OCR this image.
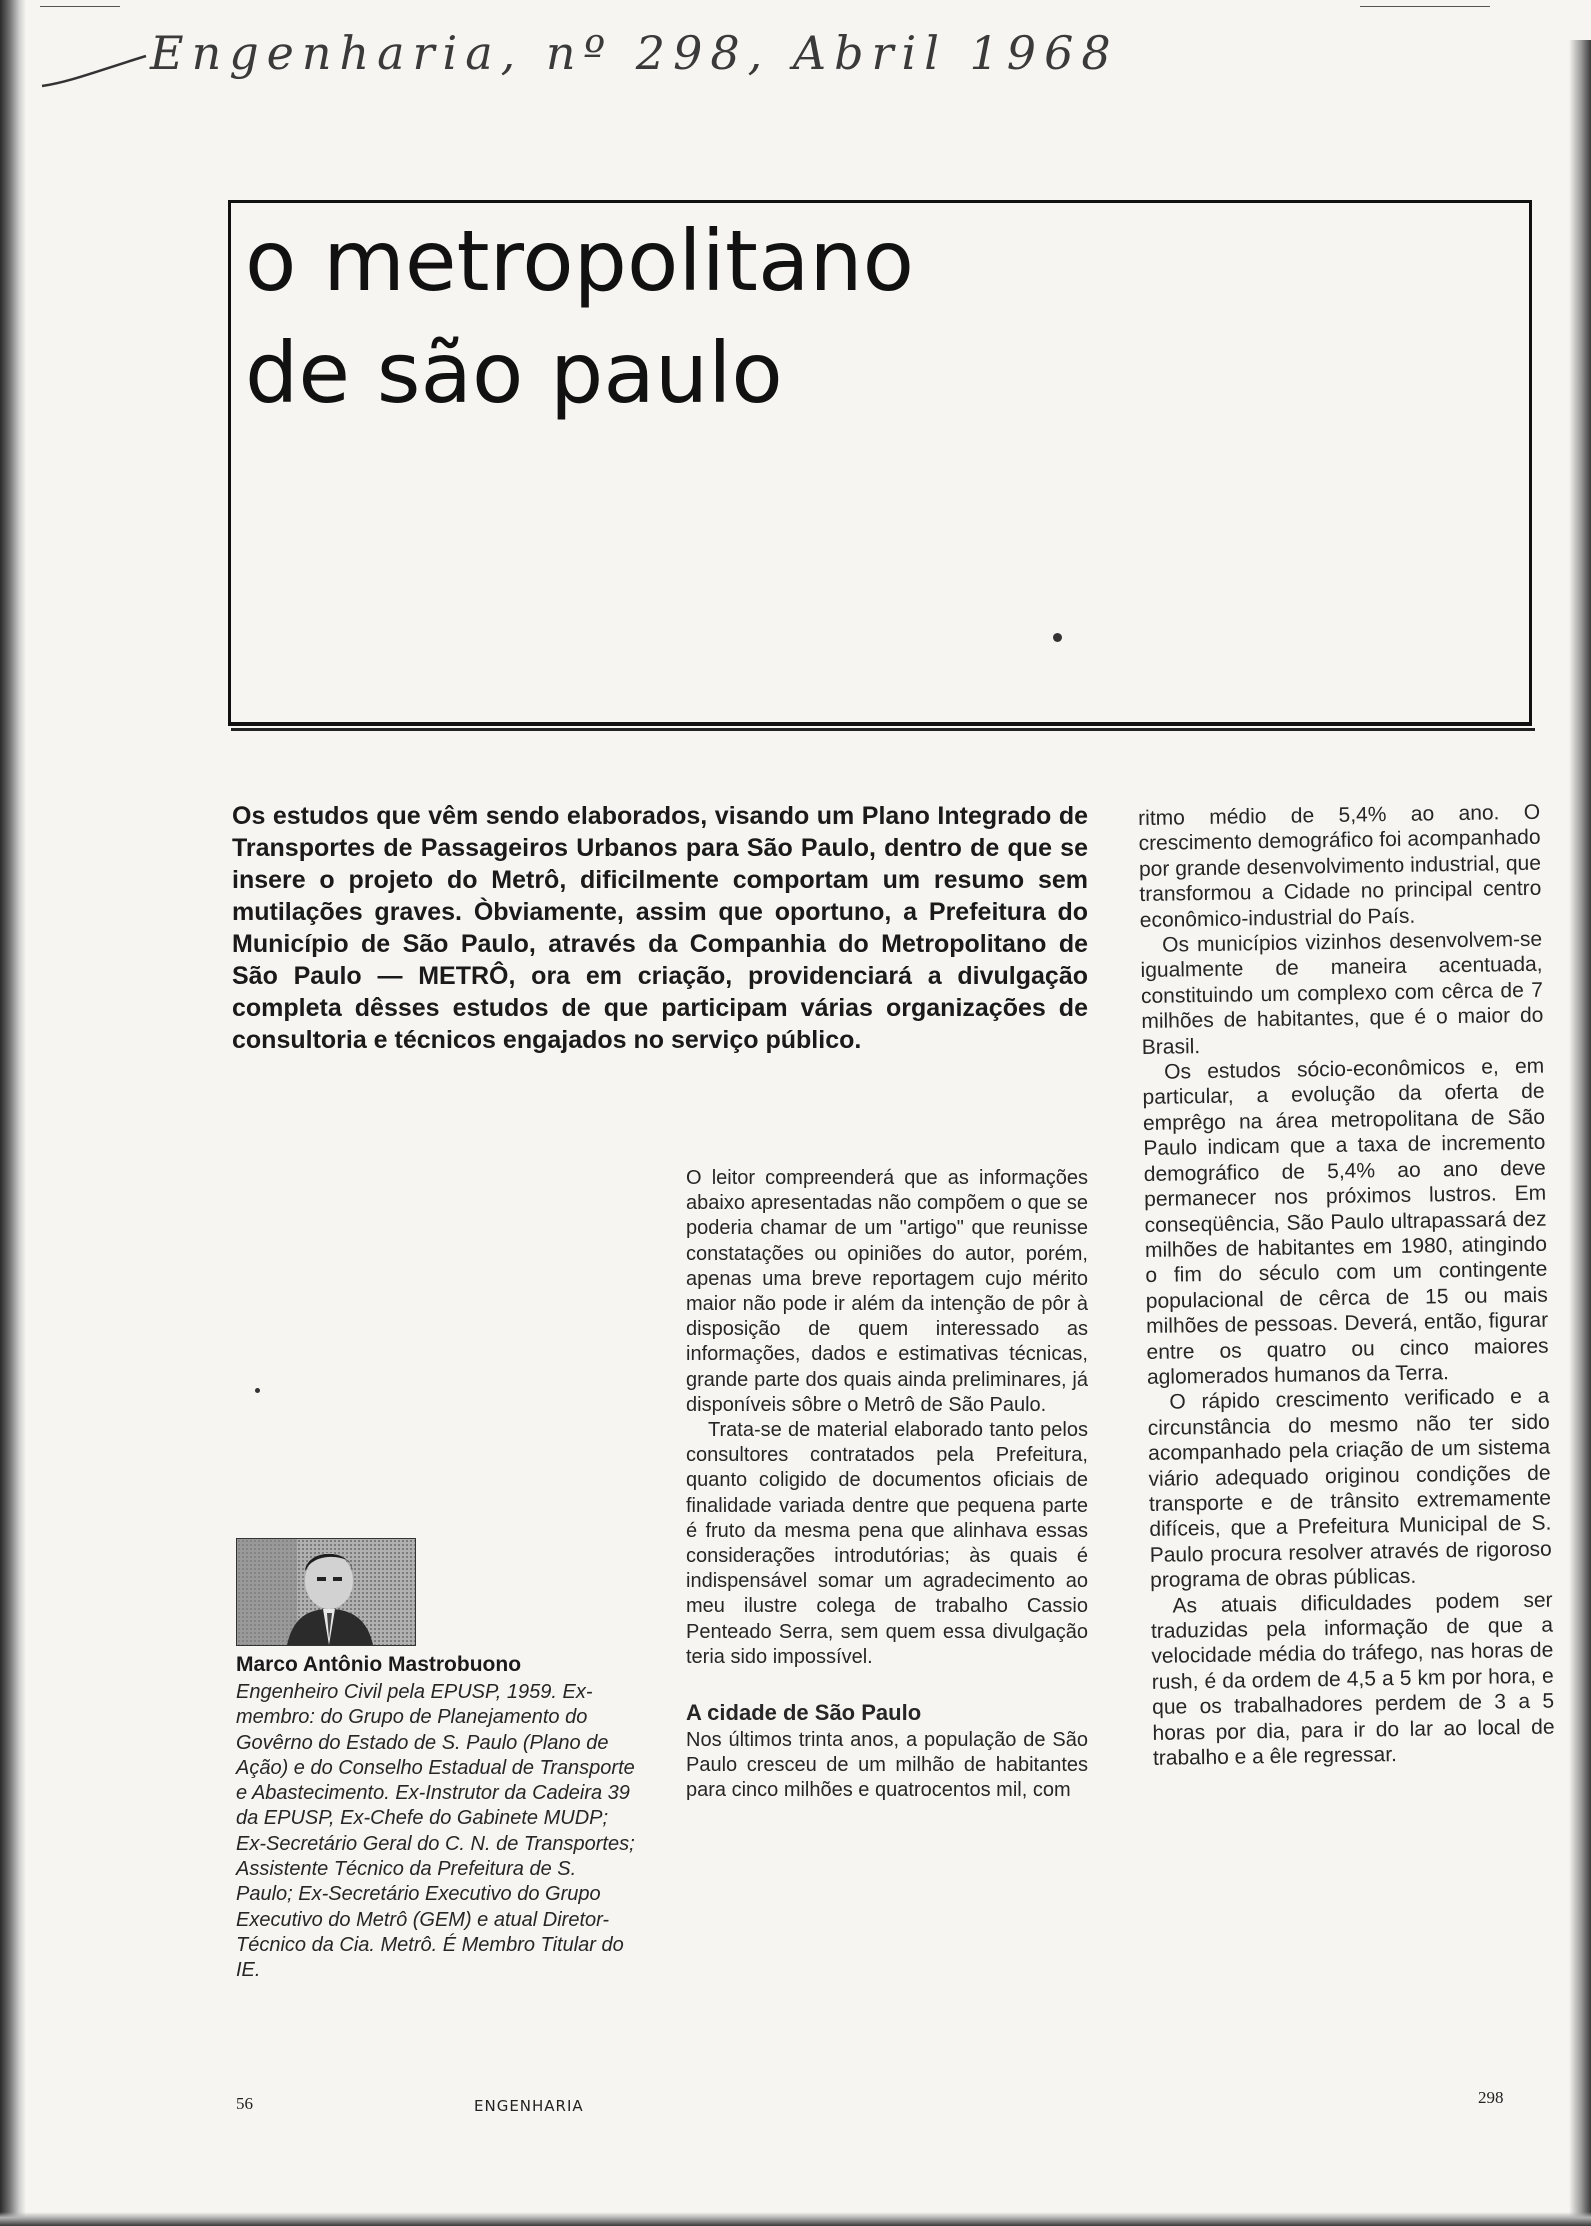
Engenharia, nº 298, Abril 1968

o metropolitano
de são paulo

Os estudos que vêm sendo elaborados, visando um Plano Integrado de Transportes de Passageiros Urbanos para São Paulo, dentro de que se insere o projeto do Metrô, dificilmente comportam um resumo sem mutilações graves. Òbviamente, assim que oportuno, a Prefeitura do Município de São Paulo, através da Companhia do Metropolitano de São Paulo — METRÔ, ora em criação, providenciará a divulgação completa dêsses estudos de que participam várias organizações de consultoria e técnicos engajados no serviço público.

Marco Antônio Mastrobuono

Engenheiro Civil pela EPUSP, 1959. Ex-membro: do Grupo de Planejamento do Govêrno do Estado de S. Paulo (Plano de Ação) e do Conselho Estadual de Transporte e Abastecimento. Ex-Instrutor da Cadeira 39 da EPUSP, Ex-Chefe do Gabinete MUDP; Ex-Secretário Geral do C. N. de Transportes; Assistente Técnico da Prefeitura de S. Paulo; Ex-Secretário Executivo do Grupo Executivo do Metrô (GEM) e atual Diretor-Técnico da Cia. Metrô. É Membro Titular do IE.

O leitor compreenderá que as informações abaixo apresentadas não compõem o que se poderia chamar de um "artigo" que reunisse constatações ou opiniões do autor, porém, apenas uma breve reportagem cujo mérito maior não pode ir além da intenção de pôr à disposição de quem interessado as informações, dados e estimativas técnicas, grande parte dos quais ainda preliminares, já disponíveis sôbre o Metrô de São Paulo.

Trata-se de material elaborado tanto pelos consultores contratados pela Prefeitura, quanto coligido de documentos oficiais de finalidade variada dentre que pequena parte é fruto da mesma pena que alinhava essas considerações introdutórias; às quais é indispensável somar um agradecimento ao meu ilustre colega de trabalho Cassio Penteado Serra, sem quem essa divulgação teria sido impossível.

A cidade de São Paulo

Nos últimos trinta anos, a população de São Paulo cresceu de um milhão de habitantes para cinco milhões e quatrocentos mil, com

ritmo médio de 5,4% ao ano. O crescimento demográfico foi acompanhado por grande desenvolvimento industrial, que transformou a Cidade no principal centro econômico-industrial do País.

Os municípios vizinhos desenvolvem-se igualmente de maneira acentuada, constituindo um complexo com cêrca de 7 milhões de habitantes, que é o maior do Brasil.

Os estudos sócio-econômicos e, em particular, a evolução da oferta de emprêgo na área metropolitana de São Paulo indicam que a taxa de incremento demográfico de 5,4% ao ano deve permanecer nos próximos lustros. Em conseqüência, São Paulo ultrapassará dez milhões de habitantes em 1980, atingindo o fim do século com um contingente populacional de cêrca de 15 ou mais milhões de pessoas. Deverá, então, figurar entre os quatro ou cinco maiores aglomerados humanos da Terra.

O rápido crescimento verificado e a circunstância do mesmo não ter sido acompanhado pela criação de um sistema viário adequado originou condições de transporte e de trânsito extremamente difíceis, que a Prefeitura Municipal de S. Paulo procura resolver através de rigoroso programa de obras públicas.

As atuais dificuldades podem ser traduzidas pela informação de que a velocidade média do tráfego, nas horas de rush, é da ordem de 4,5 a 5 km por hora, e que os trabalhadores perdem de 3 a 5 horas por dia, para ir do lar ao local de trabalho e a êle regressar.

56	ENGENHARIA	298
